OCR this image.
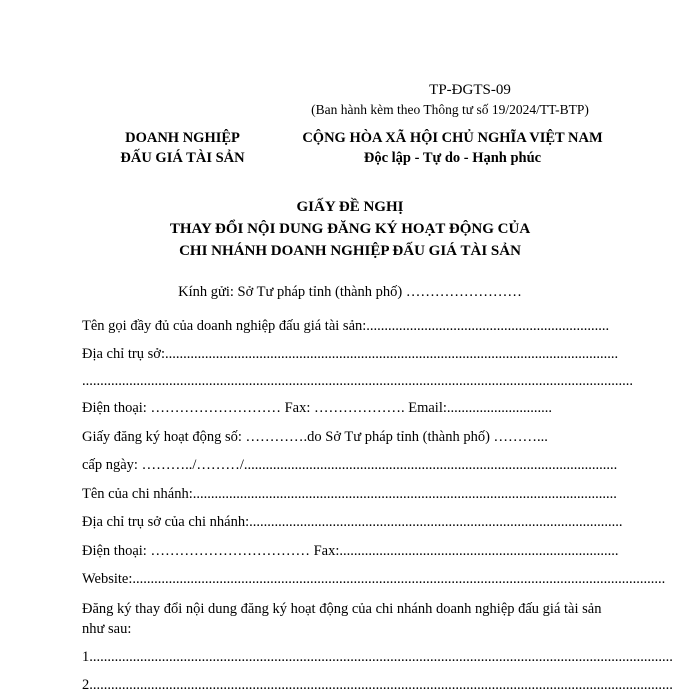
TP-ĐGTS-09
(Ban hành kèm theo Thông tư số 19/2024/TT-BTP)
DOANH NGHIỆP
ĐẤU GIÁ TÀI SẢN
CỘNG HÒA XÃ HỘI CHỦ NGHĨA VIỆT NAM
Độc lập - Tự do - Hạnh phúc
GIẤY ĐỀ NGHỊ
THAY ĐỔI NỘI DUNG ĐĂNG KÝ HOẠT ĐỘNG CỦA
CHI NHÁNH DOANH NGHIỆP ĐẤU GIÁ TÀI SẢN
Kính gửi: Sở Tư pháp tỉnh (thành phố) ……………………
Tên gọi đầy đủ của doanh nghiệp đấu giá tài sản:...................................................................
Địa chỉ trụ sở:.............................................................................................................................
........................................................................................................................................................
Điện thoại: ……………………… Fax: ………………. Email:.............................
Giấy đăng ký hoạt động số: ………….do Sở Tư pháp tỉnh (thành phố) ………...
cấp ngày: ………../………/.......................................................................................................
Tên của chi nhánh:.....................................................................................................................
Địa chỉ trụ sở của chi nhánh:.......................................................................................................
Điện thoại: …………………………… Fax:.............................................................................
Website:...................................................................................................................................................
Đăng ký thay đổi nội dung đăng ký hoạt động của chi nhánh doanh nghiệp đấu giá tài sản như sau:
1.................................................................................................................................................................
2.................................................................................................................................................................
